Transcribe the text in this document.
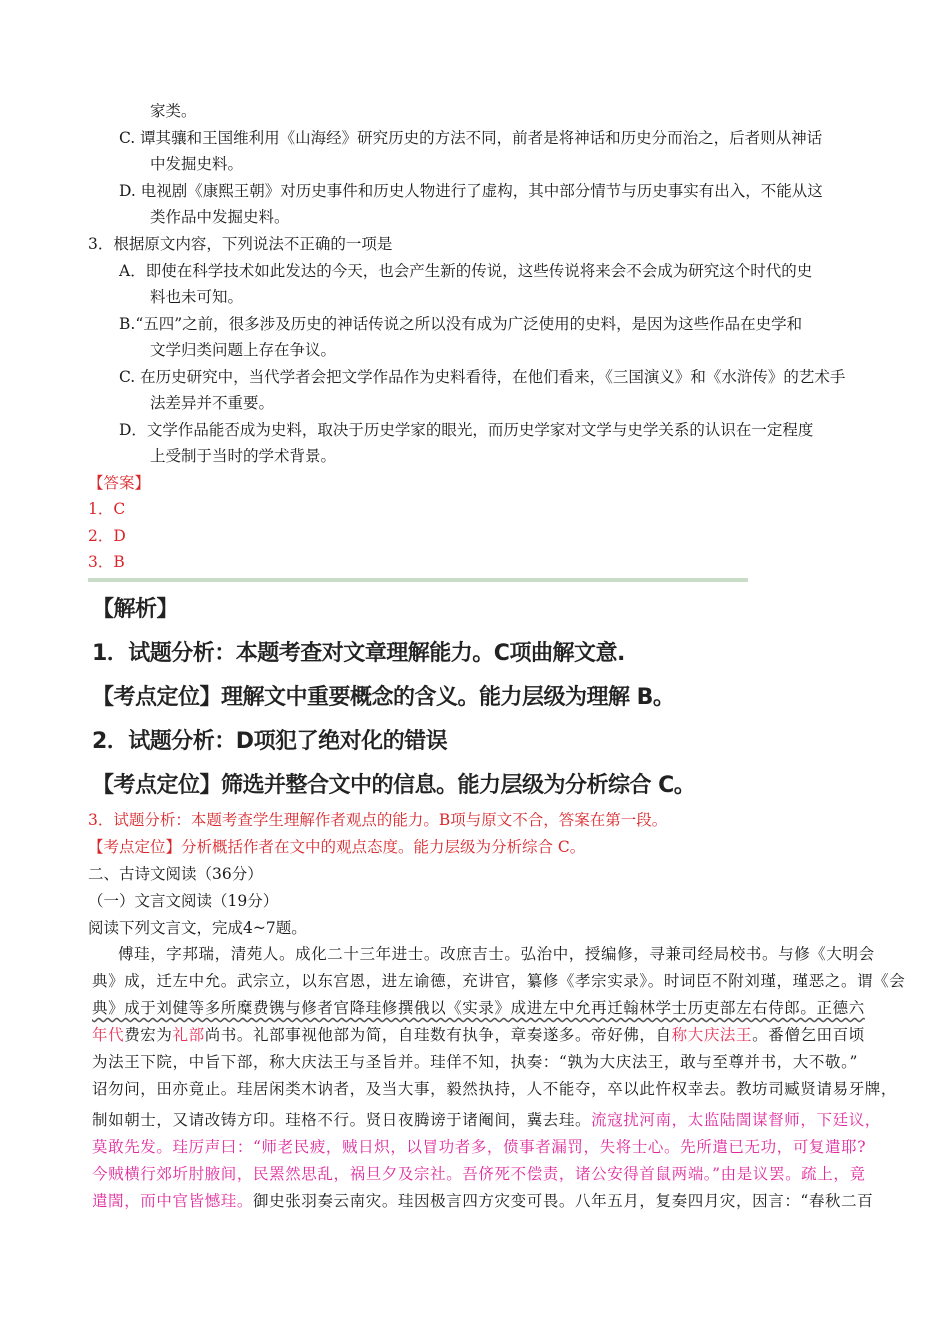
家类。
C. 谭其骧和王国维利用《山海经》研究历史的方法不同，前者是将神话和历史分而治之，后者则从神话
中发掘史料。
D. 电视剧《康熙王朝》对历史事件和历史人物进行了虚构，其中部分情节与历史事实有出入，不能从这
类作品中发掘史料。
3．根据原文内容，下列说法不正确的一项是
A．即使在科学技术如此发达的今天，也会产生新的传说，这些传说将来会不会成为研究这个时代的史
料也未可知。
B.“五四”之前，很多涉及历史的神话传说之所以没有成为广泛使用的史料，是因为这些作品在史学和
文学归类问题上存在争议。
C. 在历史研究中，当代学者会把文学作品作为史料看待，在他们看来，《三国演义》和《水浒传》的艺术手
法差异并不重要。
D．文学作品能否成为史料，取决于历史学家的眼光，而历史学家对文学与史学关系的认识在一定程度
上受制于当时的学术背景。
【答案】
1．C
2．D
3．B
【解析】
1．试题分析：本题考查对文章理解能力。C项曲解文意.
【考点定位】理解文中重要概念的含义。能力层级为理解 B。
2．试题分析：D项犯了绝对化的错误
【考点定位】筛选并整合文中的信息。能力层级为分析综合 C。
3．试题分析：本题考查学生理解作者观点的能力。B项与原文不合，答案在第一段。
【考点定位】分析概括作者在文中的观点态度。能力层级为分析综合 C。
二、古诗文阅读（36分）
（一）文言文阅读（19分）
阅读下列文言文，完成4~7题。
傅珪，字邦瑞，清苑人。成化二十三年进士。改庶吉士。弘治中，授编修，寻兼司经局校书。与修《大明会
典》成，迁左中允。武宗立，以东宫恩，进左谕德，充讲官，纂修《孝宗实录》。时词臣不附刘瑾，瑾恶之。谓《会
典》成于刘健等多所糜费镌与修者官降珪修撰俄以《实录》成进左中允再迁翰林学士历吏部左右侍郎。正德六
年代费宏为礼部尚书。礼部事视他部为简，自珪数有执争，章奏遂多。帝好佛，自称大庆法王。番僧乞田百顷
为法王下院，中旨下部，称大庆法王与圣旨并。珪佯不知，执奏：“孰为大庆法王，敢与至尊并书，大不敬。”
诏勿问，田亦竟止。珪居闲类木讷者，及当大事，毅然执持，人不能夺，卒以此忤权幸去。教坊司臧贤请易牙牌，
制如朝士，又请改铸方印。珪格不行。贤日夜腾谤于诸阉间，冀去珪。流寇扰河南，太监陆誾谋督师，下廷议，
莫敢先发。珪厉声曰：“师老民疲，贼日炽，以冒功者多，偾事者漏罚，失将士心。先所遣已无功，可复遣耶?
今贼横行郊圻肘腋间，民罴然思乱，祸旦夕及宗社。吾侪死不偿责，诸公安得首鼠两端。”由是议罢。疏上，竟
遣誾，而中官皆憾珪。御史张羽奏云南灾。珪因极言四方灾变可畏。八年五月，复奏四月灾，因言：“春秋二百
